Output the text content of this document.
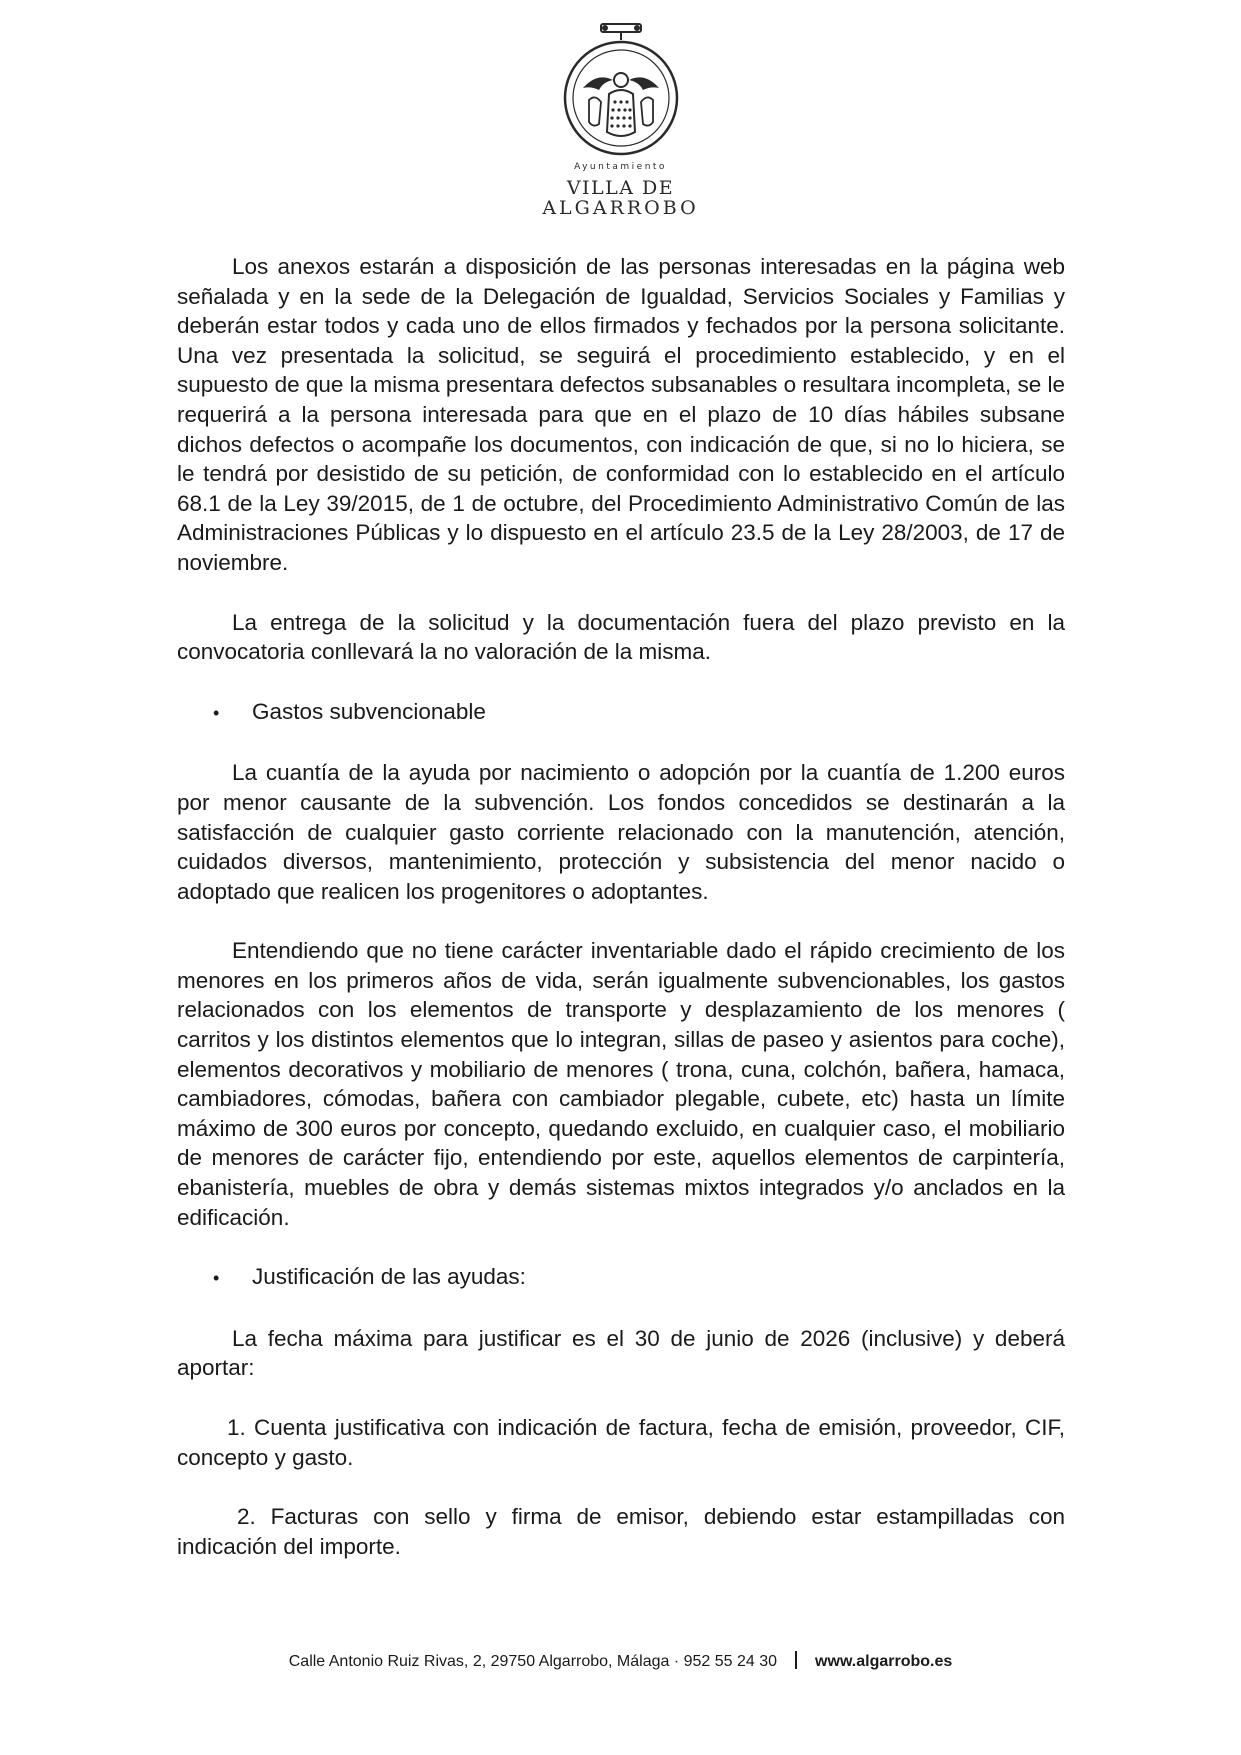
Ayuntamiento
VILLA DE
ALGARROBO

Los anexos estarán a disposición de las personas interesadas en la página web señalada y en la sede de la Delegación de Igualdad, Servicios Sociales y Familias y deberán estar todos y cada uno de ellos firmados y fechados por la persona solicitante. Una vez presentada la solicitud, se seguirá el procedimiento establecido, y en el supuesto de que la misma presentara defectos subsanables o resultara incompleta, se le requerirá a la persona interesada para que en el plazo de 10 días hábiles subsane dichos defectos o acompañe los documentos, con indicación de que, si no lo hiciera, se le tendrá por desistido de su petición, de conformidad con lo establecido en el artículo 68.1 de la Ley 39/2015, de 1 de octubre, del Procedimiento Administrativo Común de las Administraciones Públicas y lo dispuesto en el artículo 23.5 de la Ley 28/2003, de 17 de noviembre.

La entrega de la solicitud y la documentación fuera del plazo previsto en la convocatoria conllevará la no valoración de la misma.

•	Gastos subvencionable

La cuantía de la ayuda por nacimiento o adopción por la cuantía de 1.200 euros por menor causante de la subvención. Los fondos concedidos se destinarán a la satisfacción de cualquier gasto corriente relacionado con la manutención, atención, cuidados diversos, mantenimiento, protección y subsistencia del menor nacido o adoptado que realicen los progenitores o adoptantes.

Entendiendo que no tiene carácter inventariable dado el rápido crecimiento de los menores en los primeros años de vida, serán igualmente subvencionables, los gastos relacionados con los elementos de transporte y desplazamiento de los menores ( carritos y los distintos elementos que lo integran, sillas de paseo y asientos para coche), elementos decorativos y mobiliario de menores ( trona, cuna, colchón, bañera, hamaca, cambiadores, cómodas, bañera con cambiador plegable, cubete, etc) hasta un límite máximo de 300 euros por concepto, quedando excluido, en cualquier caso, el mobiliario de menores de carácter fijo, entendiendo por este, aquellos elementos de carpintería, ebanistería, muebles de obra y demás sistemas mixtos integrados y/o anclados en la edificación.

•	Justificación de las ayudas:

La fecha máxima para justificar es el 30 de junio de 2026 (inclusive) y deberá aportar:

1. Cuenta justificativa con indicación de factura, fecha de emisión, proveedor, CIF, concepto y gasto.

2. Facturas con sello y firma de emisor, debiendo estar estampilladas con indicación del importe.

Calle Antonio Ruiz Rivas, 2, 29750 Algarrobo, Málaga · 952 55 24 30 www.algarrobo.es
